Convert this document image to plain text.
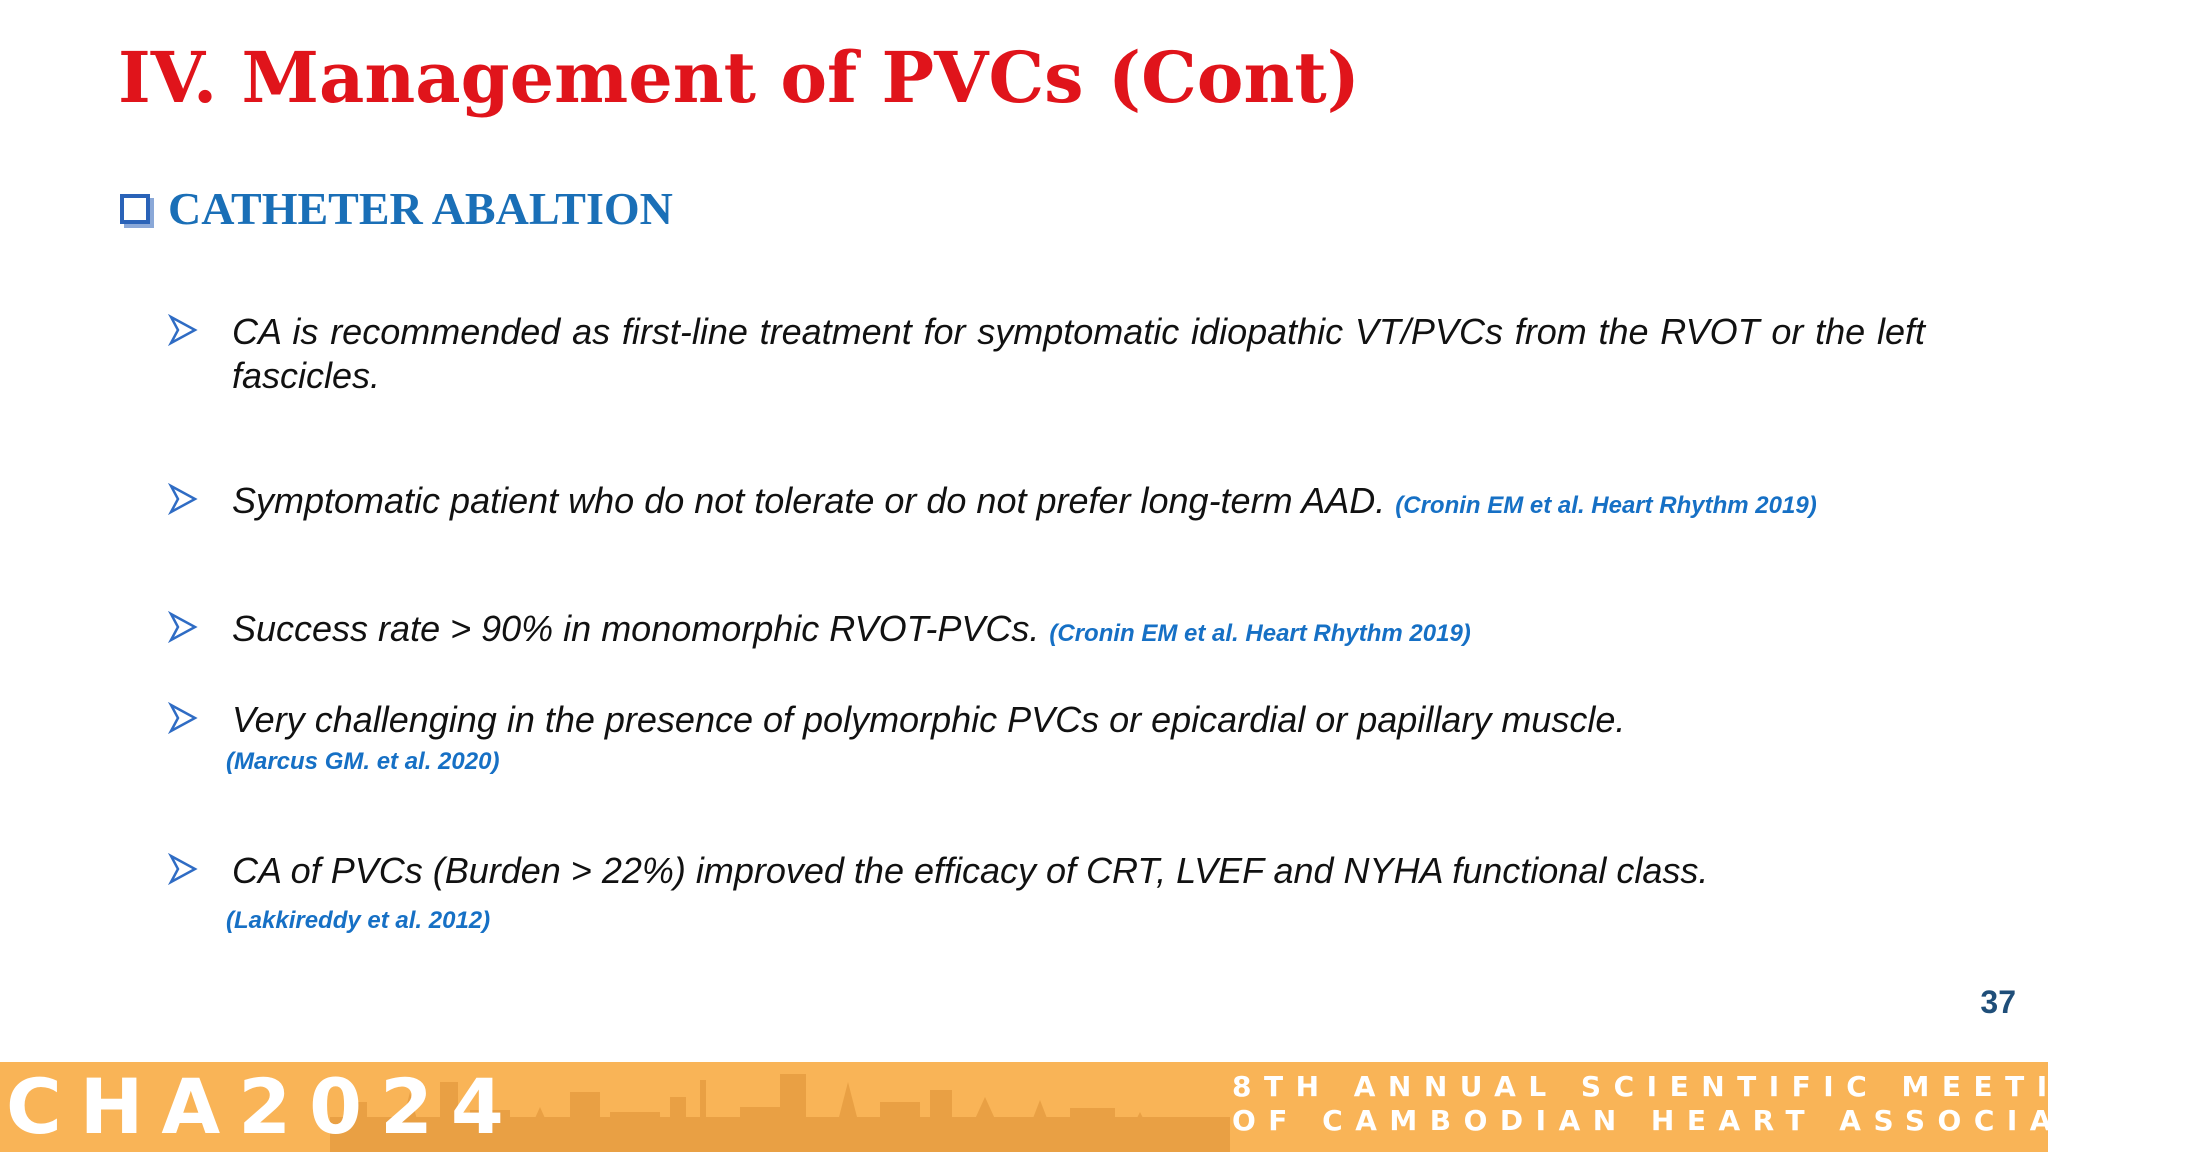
IV. Management of PVCs (Cont)
CATHETER ABALTION
CA is recommended as first-line treatment for symptomatic idiopathic VT/PVCs from the RVOT or the left fascicles.
Symptomatic patient who do not tolerate or do not prefer long-term AAD. (Cronin EM et al. Heart Rhythm 2019)
Success rate > 90% in monomorphic RVOT-PVCs. (Cronin EM et al. Heart Rhythm 2019)
Very challenging in the presence of polymorphic PVCs or epicardial or papillary muscle.
(Marcus GM. et al. 2020)
CA of PVCs (Burden > 22%) improved the efficacy of CRT, LVEF and NYHA functional class.
(Lakkireddy et al. 2012)
37
CHA2024	8TH ANNUAL SCIENTIFIC MEETING
OF CAMBODIAN HEART ASSOCIATION
